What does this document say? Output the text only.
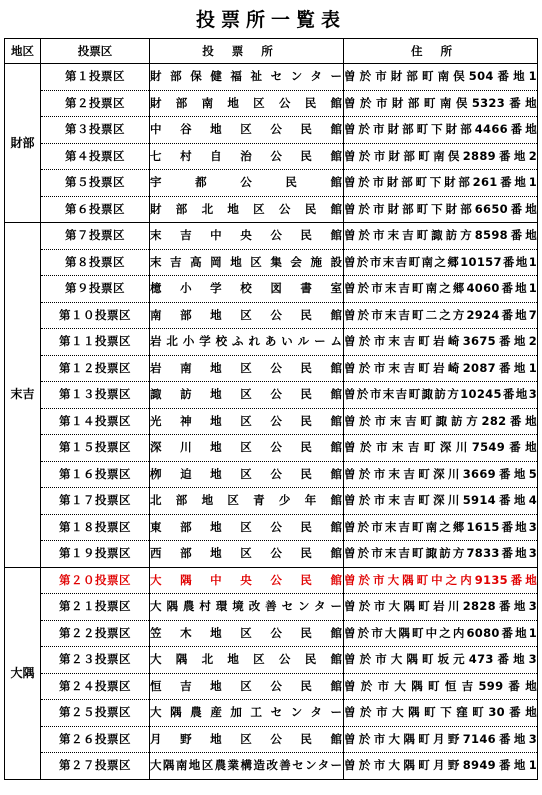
投票所一覧表
地区	投票区	投票所	住所
財部	第１投票区	財部保健福祉センター	曽於市財部町南俣504番地1
	第２投票区	財部南地区公民館	曽於市財部町南俣5323番地
	第３投票区	中谷地区公民館	曽於市財部町下財部4466番地
	第４投票区	七村自治公民館	曽於市財部町南俣2889番地2
	第５投票区	宇都公民館	曽於市財部町下財部261番地1
	第６投票区	財部北地区公民館	曽於市財部町下財部6650番地
末吉	第７投票区	末吉中央公民館	曽於市末吉町諏訪方8598番地
	第８投票区	末吉高岡地区集会施設	曽於市末吉町南之郷10157番地1
	第９投票区	檍小学校図書室	曽於市末吉町南之郷4060番地1
	第１０投票区	南部地区公民館	曽於市末吉町二之方2924番地7
	第１１投票区	岩北小学校ふれあいルーム	曽於市末吉町岩崎3675番地2
	第１２投票区	岩南地区公民館	曽於市末吉町岩崎2087番地1
	第１３投票区	諏訪地区公民館	曽於市末吉町諏訪方10245番地3
	第１４投票区	光神地区公民館	曽於市末吉町諏訪方282番地
	第１５投票区	深川地区公民館	曽於市末吉町深川7549番地
	第１６投票区	栁迫地区公民館	曽於市末吉町深川3669番地5
	第１７投票区	北部地区青少年館	曽於市末吉町深川5914番地4
	第１８投票区	東部地区公民館	曽於市末吉町南之郷1615番地3
	第１９投票区	西部地区公民館	曽於市末吉町諏訪方7833番地3
大隅	第２０投票区	大隅中央公民館	曽於市大隅町中之内9135番地
	第２１投票区	大隅農村環境改善センター	曽於市大隅町岩川2828番地3
	第２２投票区	笠木地区公民館	曽於市大隅町中之内6080番地1
	第２３投票区	大隅北地区公民館	曽於市大隅町坂元473番地3
	第２４投票区	恒吉地区公民館	曽於市大隅町恒吉599番地
	第２５投票区	大隅農産加工センター	曽於市大隅町下窪町30番地
	第２６投票区	月野地区公民館	曽於市大隅町月野7146番地3
	第２７投票区	大隅南地区農業構造改善センター	曽於市大隅町月野8949番地1
